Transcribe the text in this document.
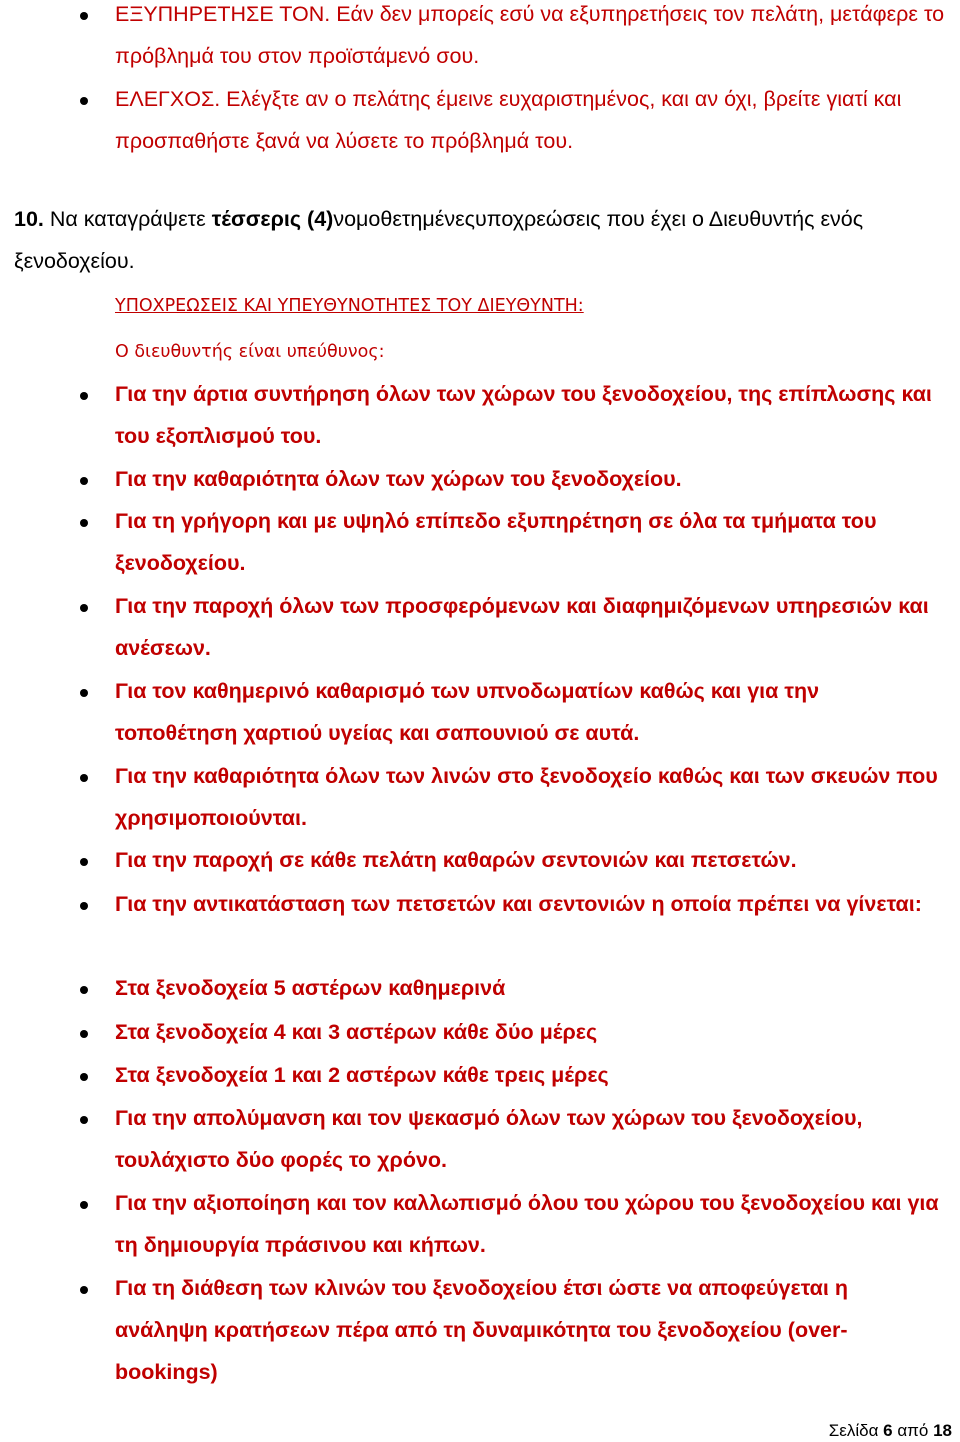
ΕΞΥΠΗΡΕΤΗΣΕ ΤΟΝ. Εάν δεν μπορείς εσύ να εξυπηρετήσεις τον πελάτη, μετάφερε το πρόβλημά του στον προϊστάμενό σου.
ΕΛΕΓΧΟΣ. Ελέγξτε αν ο πελάτης έμεινε ευχαριστημένος, και αν όχι, βρείτε γιατί και προσπαθήστε ξανά να λύσετε το πρόβλημά του.
10. Να καταγράψετε τέσσερις (4)νομοθετημένεςυποχρεώσεις που έχει ο Διευθυντής ενός ξενοδοχείου.
ΥΠΟΧΡΕΩΣΕΙΣ ΚΑΙ ΥΠΕΥΘΥΝΟΤΗΤΕΣ ΤΟΥ ΔΙΕΥΘΥΝΤΗ:
Ο διευθυντής είναι υπεύθυνος:
Για την άρτια συντήρηση όλων των χώρων του ξενοδοχείου, της επίπλωσης και του εξοπλισμού του.
Για την καθαριότητα όλων των χώρων του ξενοδοχείου.
Για τη γρήγορη και με υψηλό επίπεδο εξυπηρέτηση σε όλα τα τμήματα του ξενοδοχείου.
Για την παροχή όλων των προσφερόμενων και διαφημιζόμενων υπηρεσιών και ανέσεων.
Για τον καθημερινό καθαρισμό των υπνοδωματίων καθώς και για την τοποθέτηση χαρτιού υγείας και σαπουνιού σε αυτά.
Για την καθαριότητα όλων των λινών στο ξενοδοχείο καθώς και των σκευών που χρησιμοποιούνται.
Για την παροχή σε κάθε πελάτη καθαρών σεντονιών και πετσετών.
Για την αντικατάσταση των πετσετών και σεντονιών η οποία πρέπει να γίνεται:
Στα ξενοδοχεία 5 αστέρων καθημερινά
Στα ξενοδοχεία 4 και 3 αστέρων κάθε δύο μέρες
Στα ξενοδοχεία 1 και 2 αστέρων κάθε τρεις μέρες
Για την απολύμανση και τον ψεκασμό όλων των χώρων του ξενοδοχείου, τουλάχιστο δύο φορές το χρόνο.
Για την αξιοποίηση και τον καλλωπισμό όλου του χώρου του ξενοδοχείου και για τη δημιουργία πράσινου και κήπων.
Για τη διάθεση των κλινών του ξενοδοχείου έτσι ώστε να αποφεύγεται η ανάληψη κρατήσεων πέρα από τη δυναμικότητα του ξενοδοχείου (over-bookings)
Σελίδα 6 από 18
